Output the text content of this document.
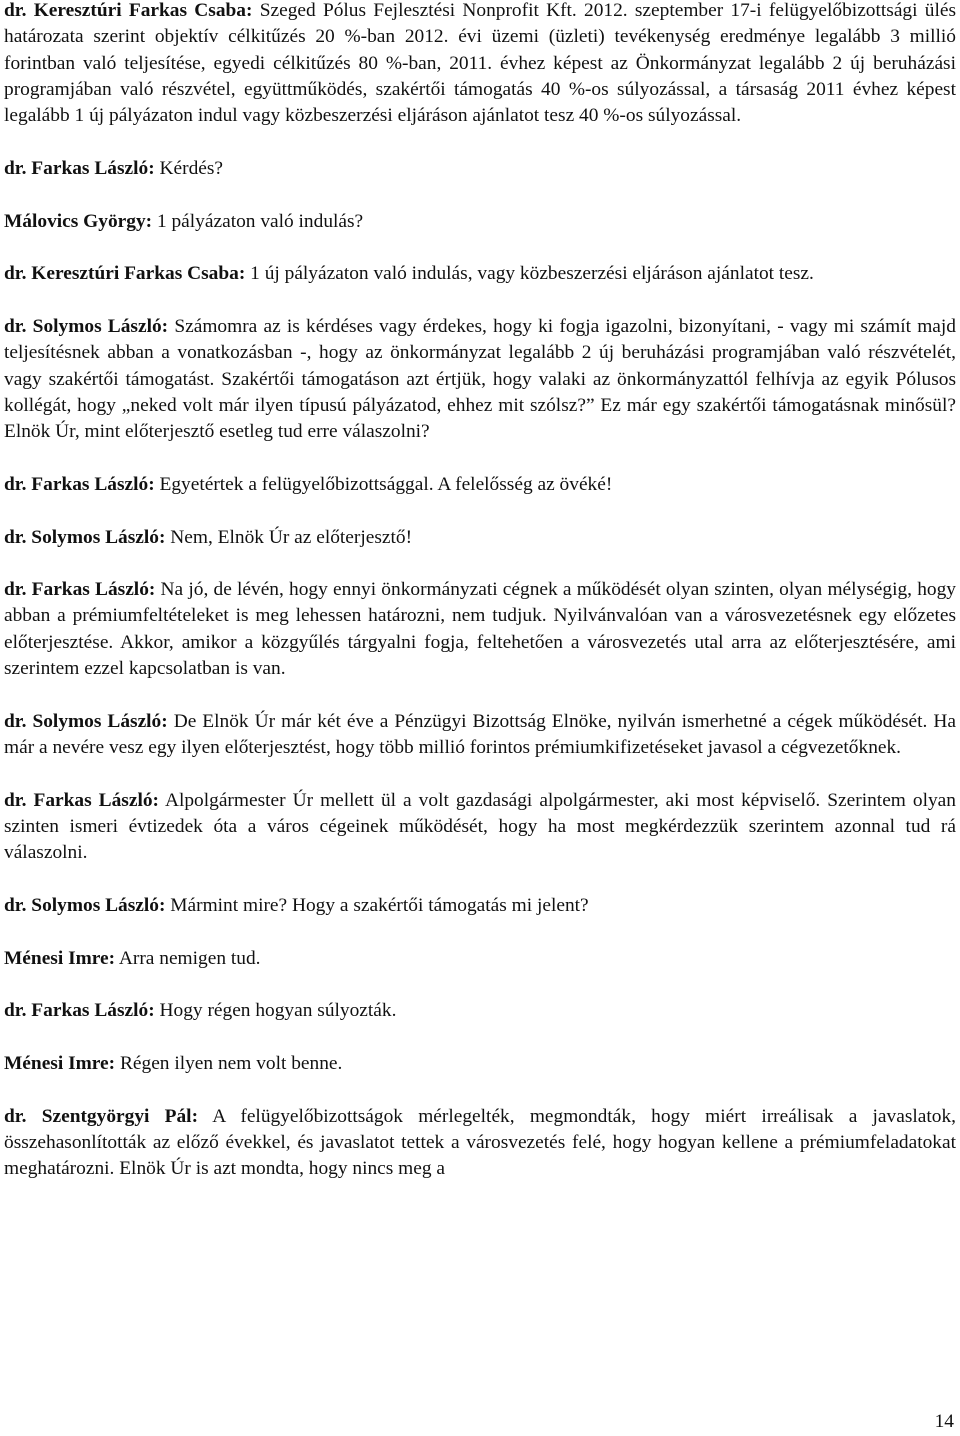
dr. Keresztúri Farkas Csaba: Szeged Pólus Fejlesztési Nonprofit Kft. 2012. szeptember 17-i felügyelőbizottsági ülés határozata szerint objektív célkitűzés 20 %-ban 2012. évi üzemi (üzleti) tevékenység eredménye legalább 3 millió forintban való teljesítése, egyedi célkitűzés 80 %-ban, 2011. évhez képest az Önkormányzat legalább 2 új beruházási programjában való részvétel, együttműködés, szakértői támogatás 40 %-os súlyozással, a társaság 2011 évhez képest legalább 1 új pályázaton indul vagy közbeszerzési eljáráson ajánlatot tesz 40 %-os súlyozással.

dr. Farkas László: Kérdés?

Málovics György: 1 pályázaton való indulás?

dr. Keresztúri Farkas Csaba: 1 új pályázaton való indulás, vagy közbeszerzési eljáráson ajánlatot tesz.

dr. Solymos László: Számomra az is kérdéses vagy érdekes, hogy ki fogja igazolni, bizonyítani, - vagy mi számít majd teljesítésnek abban a vonatkozásban -, hogy az önkormányzat legalább 2 új beruházási programjában való részvételét, vagy szakértői támogatást. Szakértői támogatáson azt értjük, hogy valaki az önkormányzattól felhívja az egyik Pólusos kollégát, hogy „neked volt már ilyen típusú pályázatod, ehhez mit szólsz?” Ez már egy szakértői támogatásnak minősül? Elnök Úr, mint előterjesztő esetleg tud erre válaszolni?

dr. Farkas László: Egyetértek a felügyelőbizottsággal. A felelősség az övéké!

dr. Solymos László: Nem, Elnök Úr az előterjesztő!

dr. Farkas László: Na jó, de lévén, hogy ennyi önkormányzati cégnek a működését olyan szinten, olyan mélységig, hogy abban a prémiumfeltételeket is meg lehessen határozni, nem tudjuk. Nyilvánvalóan van a városvezetésnek egy előzetes előterjesztése. Akkor, amikor a közgyűlés tárgyalni fogja, feltehetően a városvezetés utal arra az előterjesztésére, ami szerintem ezzel kapcsolatban is van.

dr. Solymos László: De Elnök Úr már két éve a Pénzügyi Bizottság Elnöke, nyilván ismerhetné a cégek működését. Ha már a nevére vesz egy ilyen előterjesztést, hogy több millió forintos prémiumkifizetéseket javasol a cégvezetőknek.

dr. Farkas László: Alpolgármester Úr mellett ül a volt gazdasági alpolgármester, aki most képviselő. Szerintem olyan szinten ismeri évtizedek óta a város cégeinek működését, hogy ha most megkérdezzük szerintem azonnal tud rá válaszolni.

dr. Solymos László: Mármint mire? Hogy a szakértői támogatás mi jelent?

Ménesi Imre: Arra nemigen tud.

dr. Farkas László: Hogy régen hogyan súlyozták.

Ménesi Imre: Régen ilyen nem volt benne.

dr. Szentgyörgyi Pál: A felügyelőbizottságok mérlegelték, megmondták, hogy miért irreálisak a javaslatok, összehasonlították az előző évekkel, és javaslatot tettek a városvezetés felé, hogy hogyan kellene a prémiumfeladatokat meghatározni. Elnök Úr is azt mondta, hogy nincs meg a

14
